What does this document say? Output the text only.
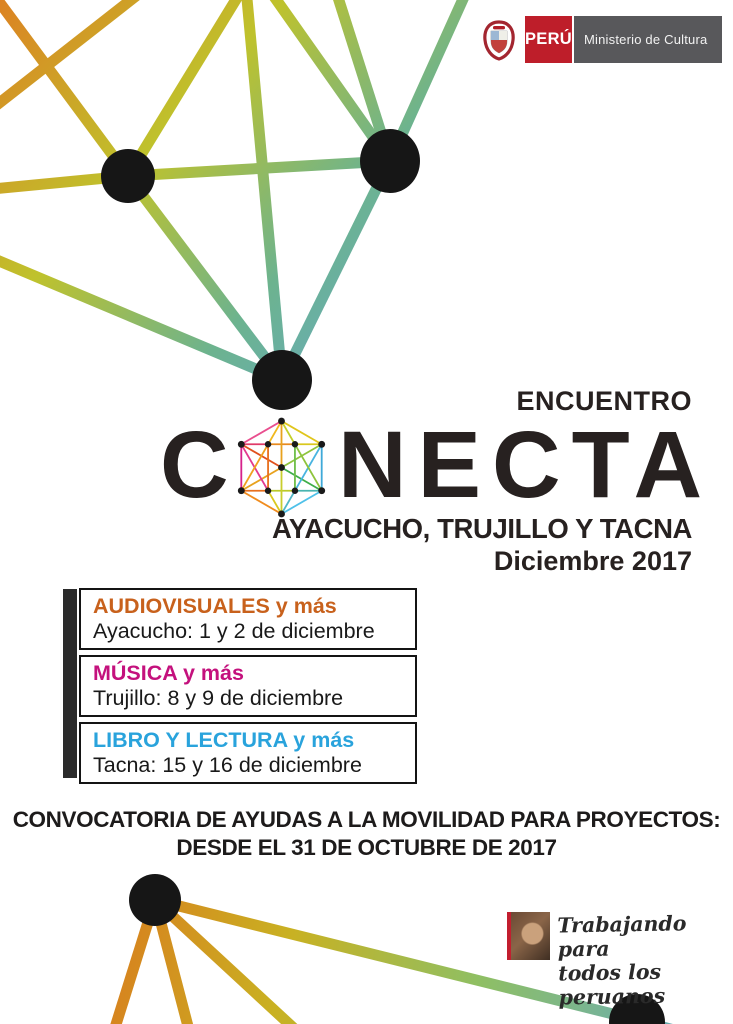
PERÚ Ministerio de Cultura
ENCUENTRO
C NECTA
AYACUCHO, TRUJILLO Y TACNA
Diciembre 2017
AUDIOVISUALES y más
Ayacucho: 1 y 2 de diciembre
MÚSICA y más
Trujillo: 8 y 9 de diciembre
LIBRO Y LECTURA y más
Tacna: 15 y 16 de diciembre
CONVOCATORIA DE AYUDAS A LA MOVILIDAD PARA PROYECTOS:
DESDE EL 31 DE OCTUBRE DE 2017
Trabajando para
todos los peruanos
